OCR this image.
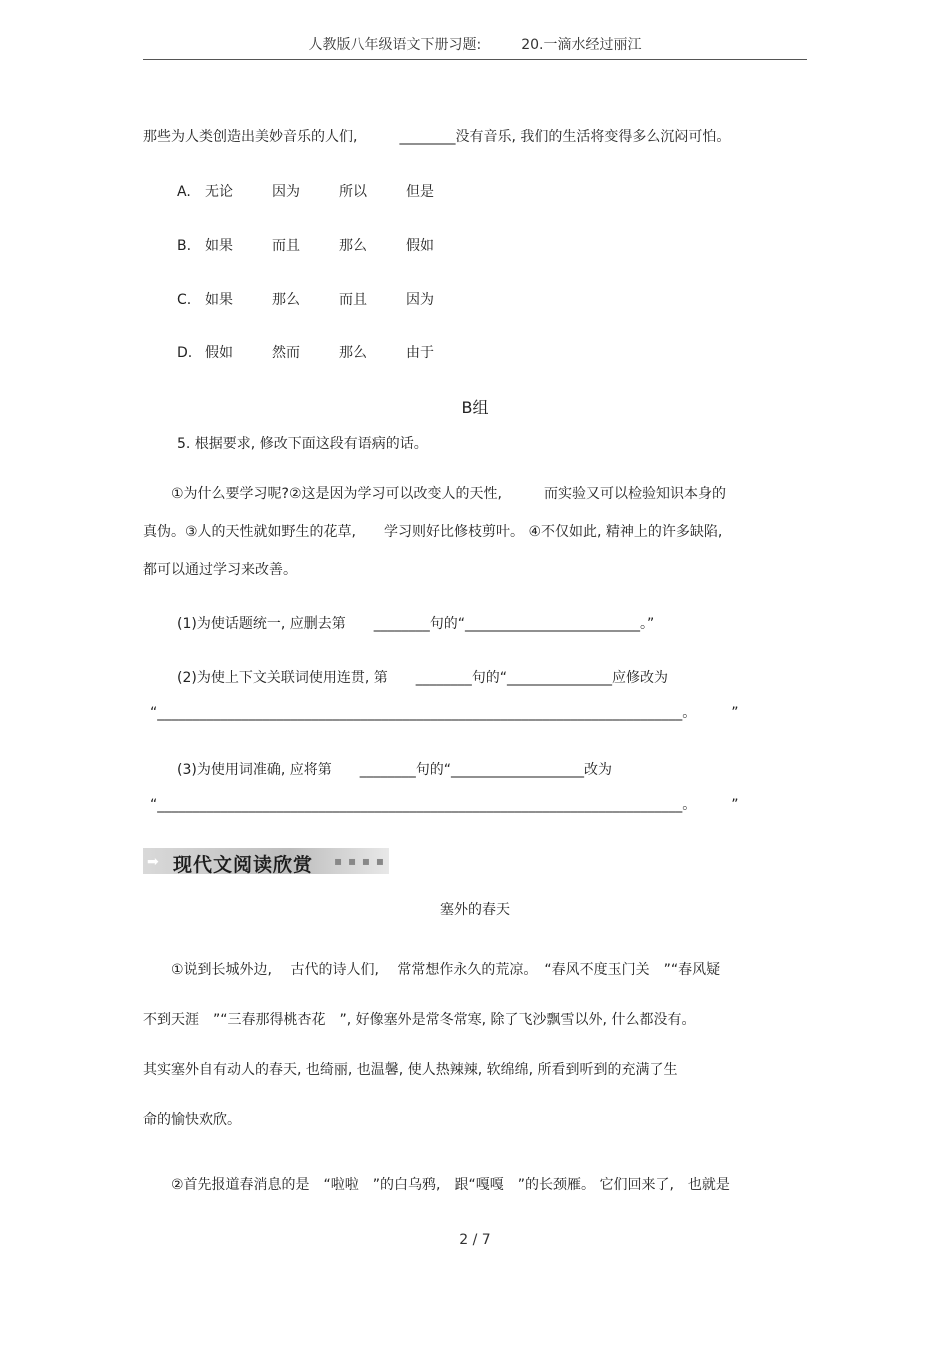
人教版八年级语文下册习题:	20.一滴水经过丽江
那些为人类创造出美妙音乐的人们,　　　________没有音乐, 我们的生活将变得多么沉闷可怕。
A. 无论	因为	所以	但是
B. 如果	而且	那么	假如
C. 如果	那么	而且	因为
D. 假如	然而	那么	由于
B组
5. 根据要求, 修改下面这段有语病的话。
　　①为什么要学习呢?②这是因为学习可以改变人的天性,　　　而实验又可以检验知识本身的
真伪。③人的天性就如野生的花草,　　学习则好比修枝剪叶。 ④不仅如此, 精神上的许多缺陷,
都可以通过学习来改善。
(1)为使话题统一, 应删去第　　________句的“_________________________。”
(2)为使上下文关联词使用连贯, 第　　________句的“_______________应修改为
“___________________________________________________________________________。　　　”
(3)为使用词准确, 应将第　　________句的“___________________改为
“___________________________________________________________________________。　　　”
➡ 现代文阅读欣赏 ▪ ▪ ▪ ▪
塞外的春天
　　①说到长城外边,　 古代的诗人们,　 常常想作永久的荒凉。　“春风不度玉门关　”“春风疑
不到天涯　”“三春那得桃杏花　”, 好像塞外是常冬常寒, 除了飞沙飘雪以外, 什么都没有。
其实塞外自有动人的春天, 也绮丽, 也温馨, 使人热辣辣, 软绵绵, 所看到听到的充满了生
命的愉快欢欣。
　　②首先报道春消息的是　“啦啦　”的白乌鸦,　跟“嘎嘎　”的长颈雁。 它们回来了,　也就是
2 / 7
